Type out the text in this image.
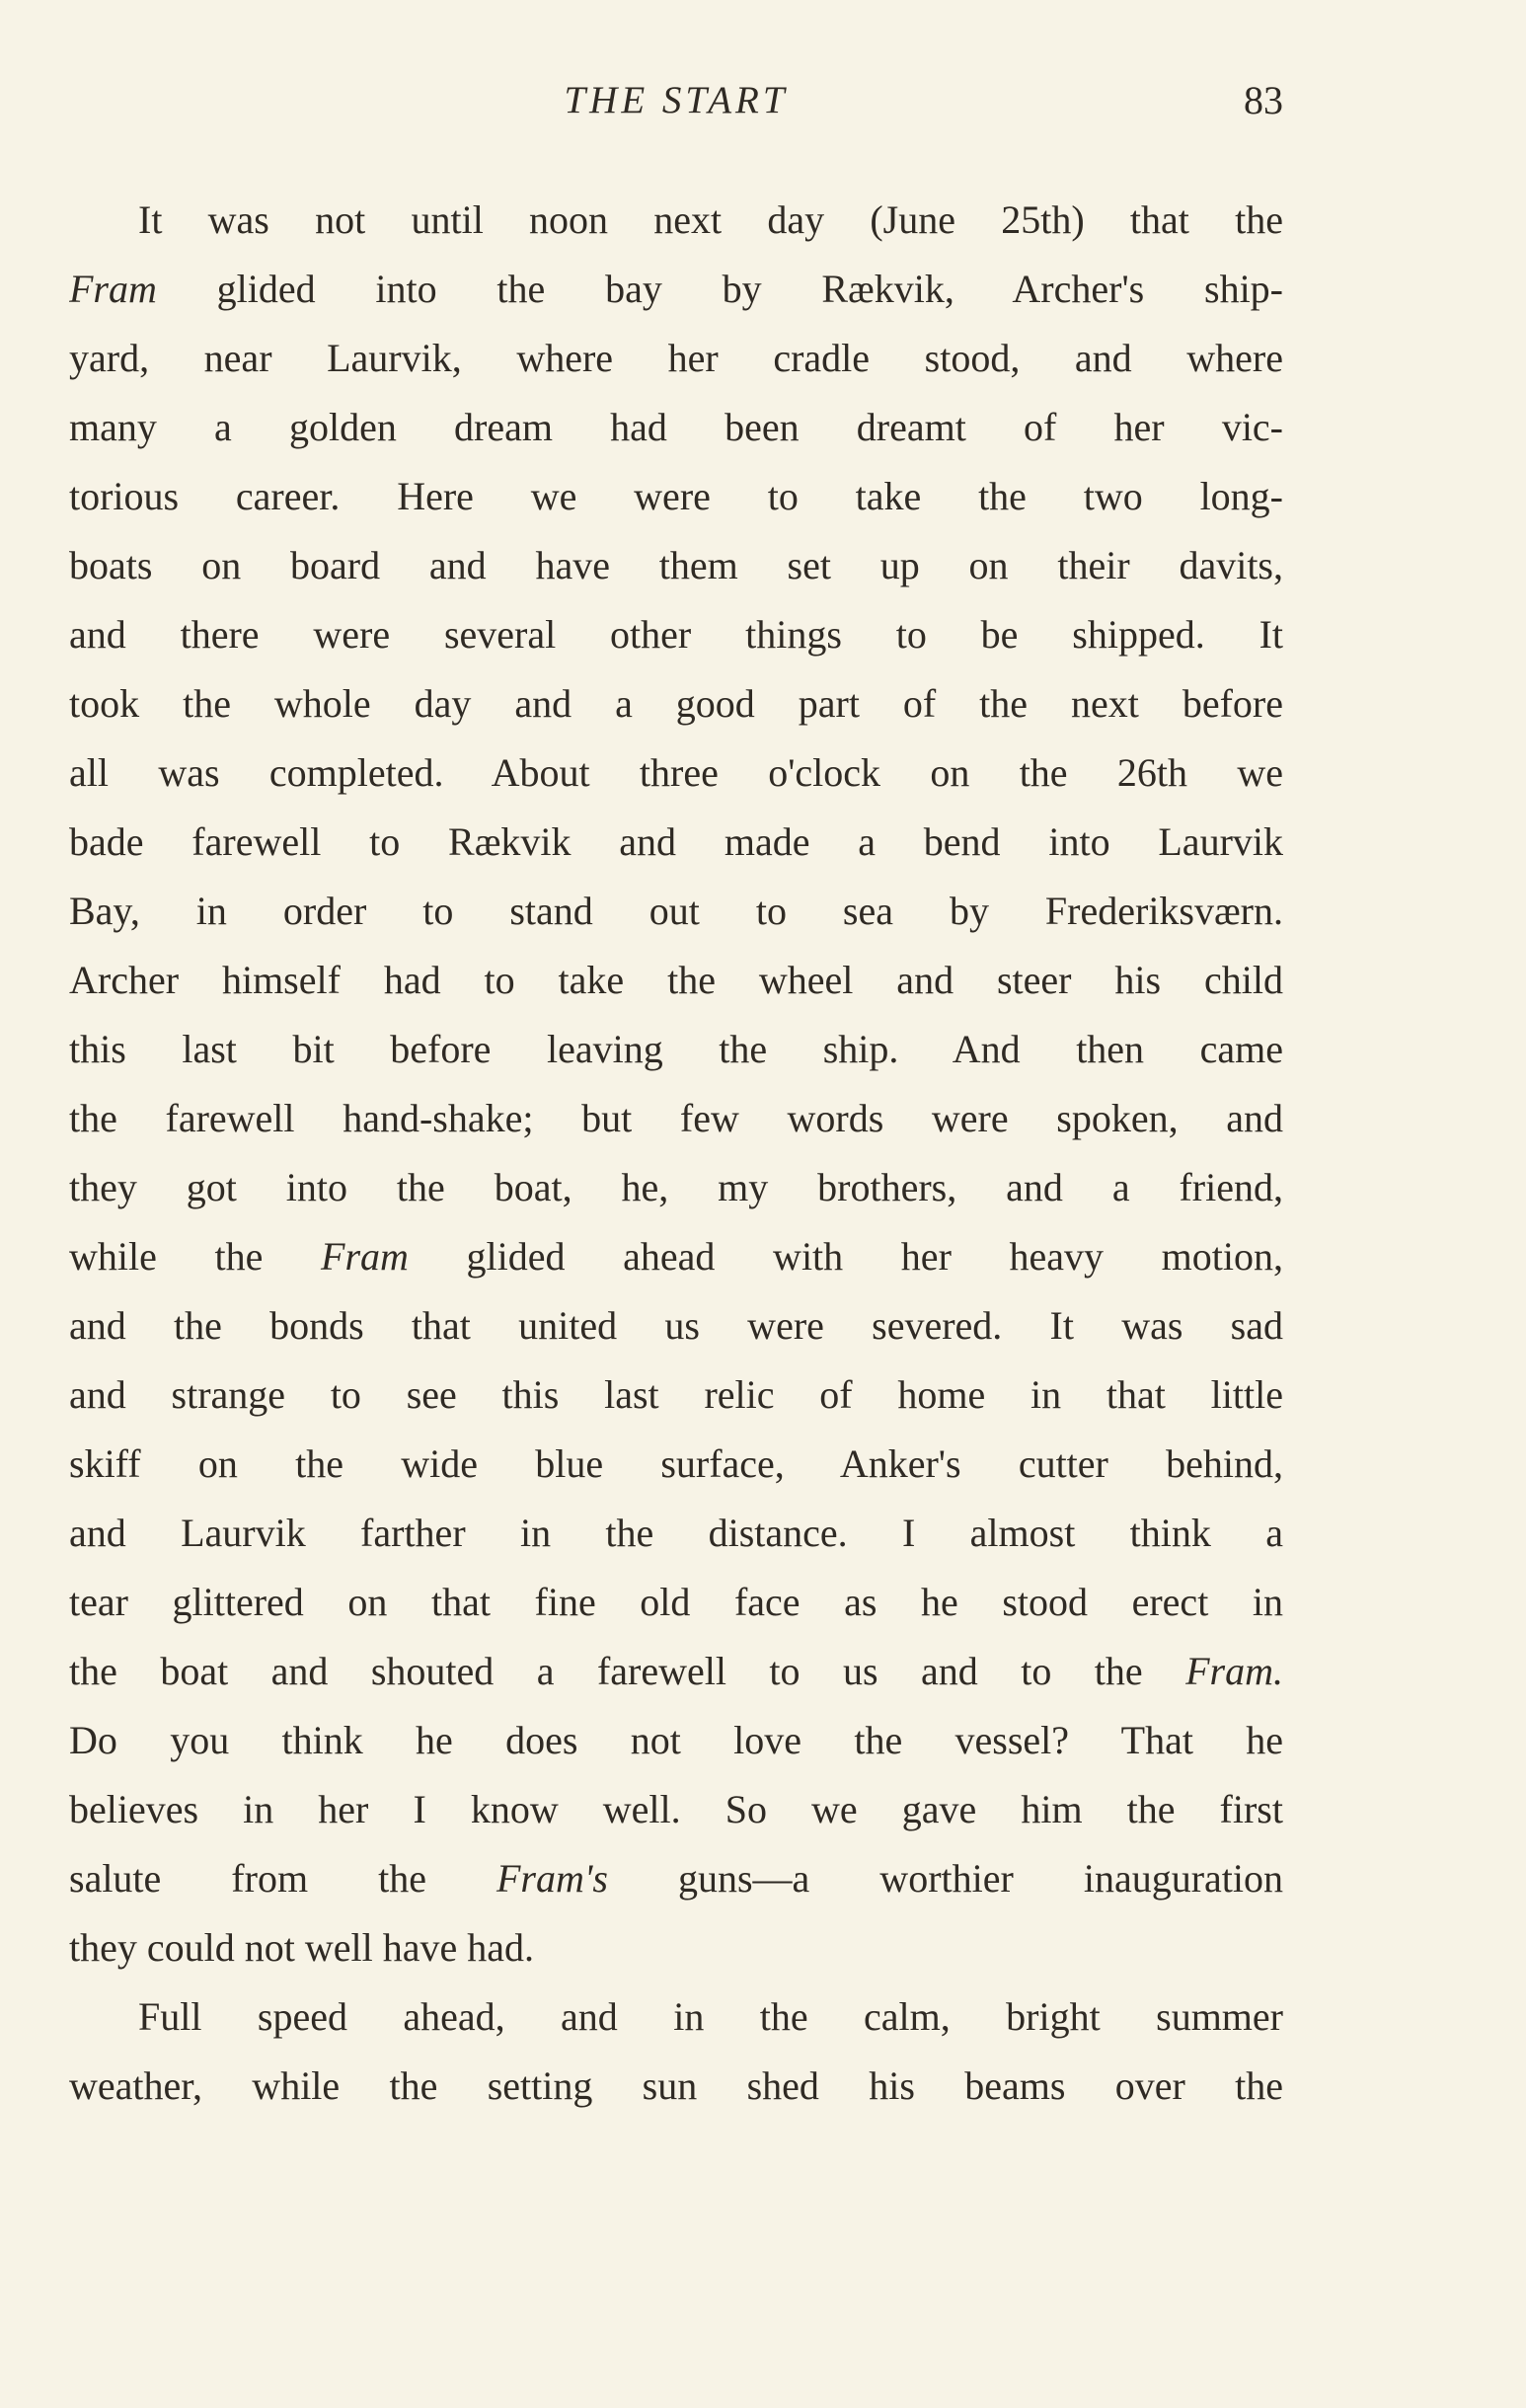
THE START	83
It was not until noon next day (June 25th) that the
Fram glided into the bay by Rækvik, Archer's ship-
yard, near Laurvik, where her cradle stood, and where
many a golden dream had been dreamt of her vic-
torious career. Here we were to take the two long-
boats on board and have them set up on their davits,
and there were several other things to be shipped. It
took the whole day and a good part of the next before
all was completed. About three o'clock on the 26th we
bade farewell to Rækvik and made a bend into Laurvik
Bay, in order to stand out to sea by Frederiksværn.
Archer himself had to take the wheel and steer his child
this last bit before leaving the ship. And then came
the farewell hand-shake; but few words were spoken, and
they got into the boat, he, my brothers, and a friend,
while the Fram glided ahead with her heavy motion,
and the bonds that united us were severed. It was sad
and strange to see this last relic of home in that little
skiff on the wide blue surface, Anker's cutter behind,
and Laurvik farther in the distance. I almost think a
tear glittered on that fine old face as he stood erect in
the boat and shouted a farewell to us and to the Fram.
Do you think he does not love the vessel? That he
believes in her I know well. So we gave him the first
salute from the Fram's guns—a worthier inauguration
they could not well have had.
Full speed ahead, and in the calm, bright summer
weather, while the setting sun shed his beams over the
